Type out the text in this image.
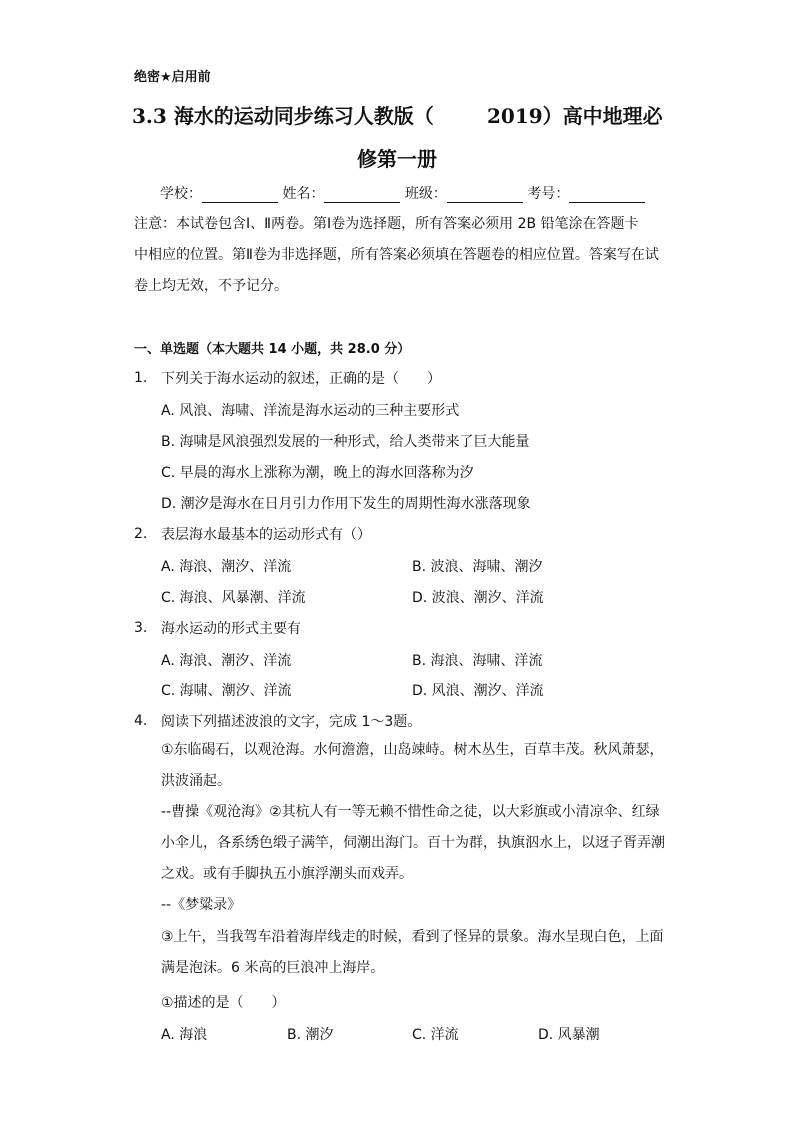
绝密★启用前
3.3 海水的运动同步练习人教版（	2019）高中地理必
修第一册
学校：	姓名：	班级：	考号：
注意：本试卷包含Ⅰ、Ⅱ两卷。第Ⅰ卷为选择题，所有答案必须用 2B 铅笔涂在答题卡
中相应的位置。第Ⅱ卷为非选择题，所有答案必须填在答题卷的相应位置。答案写在试
卷上均无效，不予记分。
一、单选题（本大题共 14 小题，共 28.0 分）
1. 下列关于海水运动的叙述，正确的是（　　）
A. 风浪、海啸、洋流是海水运动的三种主要形式
B. 海啸是风浪强烈发展的一种形式，给人类带来了巨大能量
C. 早晨的海水上涨称为潮，晚上的海水回落称为汐
D. 潮汐是海水在日月引力作用下发生的周期性海水涨落现象
2. 表层海水最基本的运动形式有（）
A. 海浪、潮汐、洋流	B. 波浪、海啸、潮汐
C. 海浪、风暴潮、洋流	D. 波浪、潮汐、洋流
3. 海水运动的形式主要有
A. 海浪、潮汐、洋流	B. 海浪、海啸、洋流
C. 海啸、潮汐、洋流	D. 风浪、潮汐、洋流
4. 阅读下列描述波浪的文字，完成 1～3题。
①东临碣石，以观沧海。水何澹澹，山岛竦峙。树木丛生，百草丰茂。秋风萧瑟，洪波涌起。
--曹操《观沧海》②其杭人有一等无赖不惜性命之徒，以大彩旗或小清凉伞、红绿小伞儿，各系绣色缎子满竿，伺潮出海门。百十为群，执旗泅水上，以迓子胥弄潮之戏。或有手脚执五小旗浮潮头而戏弄。
--《梦粱录》
③上午，当我驾车沿着海岸线走的时候，看到了怪异的景象。海水呈现白色，上面满是泡沫。6 米高的巨浪冲上海岸。
①描述的是（　　）
A. 海浪	B. 潮汐	C. 洋流	D. 风暴潮
